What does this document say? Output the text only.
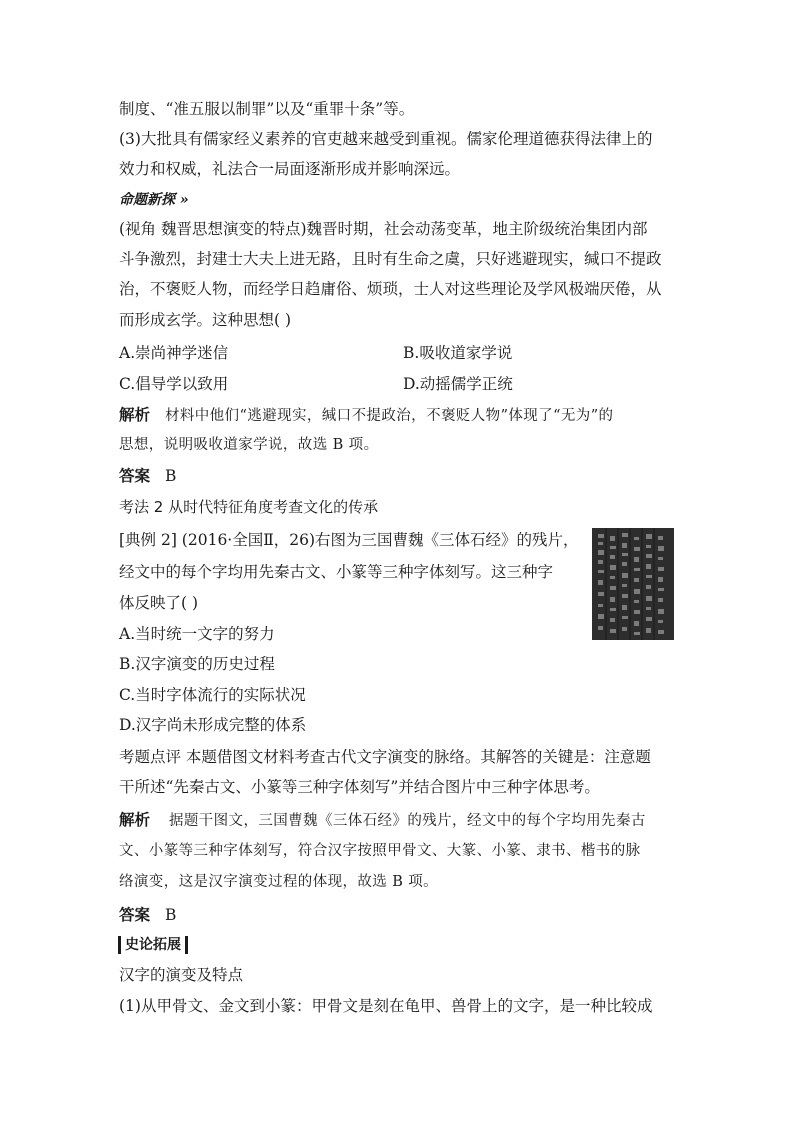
制度、“准五服以制罪”以及“重罪十条”等。
(3)大批具有儒家经义素养的官吏越来越受到重视。儒家伦理道德获得法律上的
效力和权威，礼法合一局面逐渐形成并影响深远。
命题新探 »
(视角 魏晋思想演变的特点)魏晋时期，社会动荡变革，地主阶级统治集团内部
斗争激烈，封建士大夫上进无路，且时有生命之虞，只好逃避现实，缄口不提政
治，不褒贬人物，而经学日趋庸俗、烦琐，士人对这些理论及学风极端厌倦，从
而形成玄学。这种思想( )
A.崇尚神学迷信	B.吸收道家学说
C.倡导学以致用	D.动摇儒学正统
解析 材料中他们“逃避现实，缄口不提政治，不褒贬人物”体现了“无为”的
思想，说明吸收道家学说，故选 B 项。
答案 B
考法 2 从时代特征角度考查文化的传承
[典例 2] (2016·全国Ⅱ，26)右图为三国曹魏《三体石经》的残片，
经文中的每个字均用先秦古文、小篆等三种字体刻写。这三种字
体反映了( )
A.当时统一文字的努力
B.汉字演变的历史过程
C.当时字体流行的实际状况
D.汉字尚未形成完整的体系
考题点评 本题借图文材料考查古代文字演变的脉络。其解答的关键是：注意题
干所述“先秦古文、小篆等三种字体刻写”并结合图片中三种字体思考。
解析 据题干图文，三国曹魏《三体石经》的残片，经文中的每个字均用先秦古
文、小篆等三种字体刻写，符合汉字按照甲骨文、大篆、小篆、隶书、楷书的脉
络演变，这是汉字演变过程的体现，故选 B 项。
答案 B
史论拓展
汉字的演变及特点
(1)从甲骨文、金文到小篆：甲骨文是刻在龟甲、兽骨上的文字，是一种比较成
